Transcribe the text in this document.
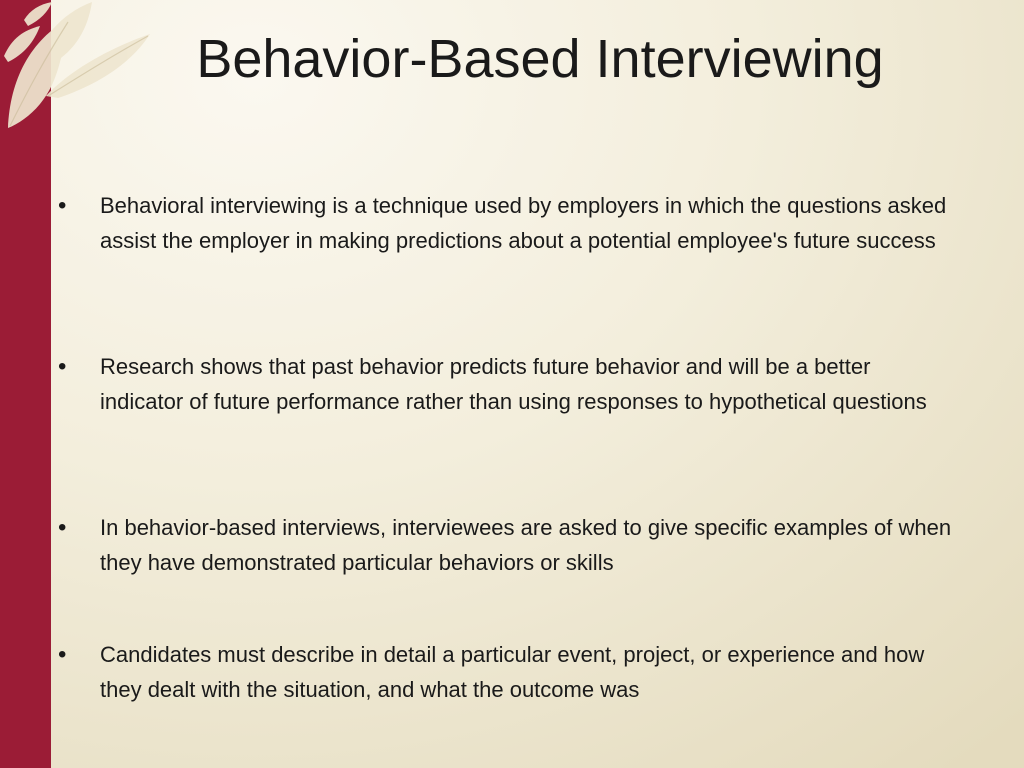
Behavior-Based Interviewing
•	Behavioral interviewing is a technique used by employers in which the questions asked assist the employer in making predictions about a potential employee's future success
•	Research shows that past behavior predicts future behavior and will be a better indicator of future performance rather than using responses to hypothetical questions
•	In behavior-based interviews, interviewees are asked to give specific examples of when they have demonstrated particular behaviors or skills
•	Candidates must describe in detail a particular event, project, or experience and how they dealt with the situation, and what the outcome was
